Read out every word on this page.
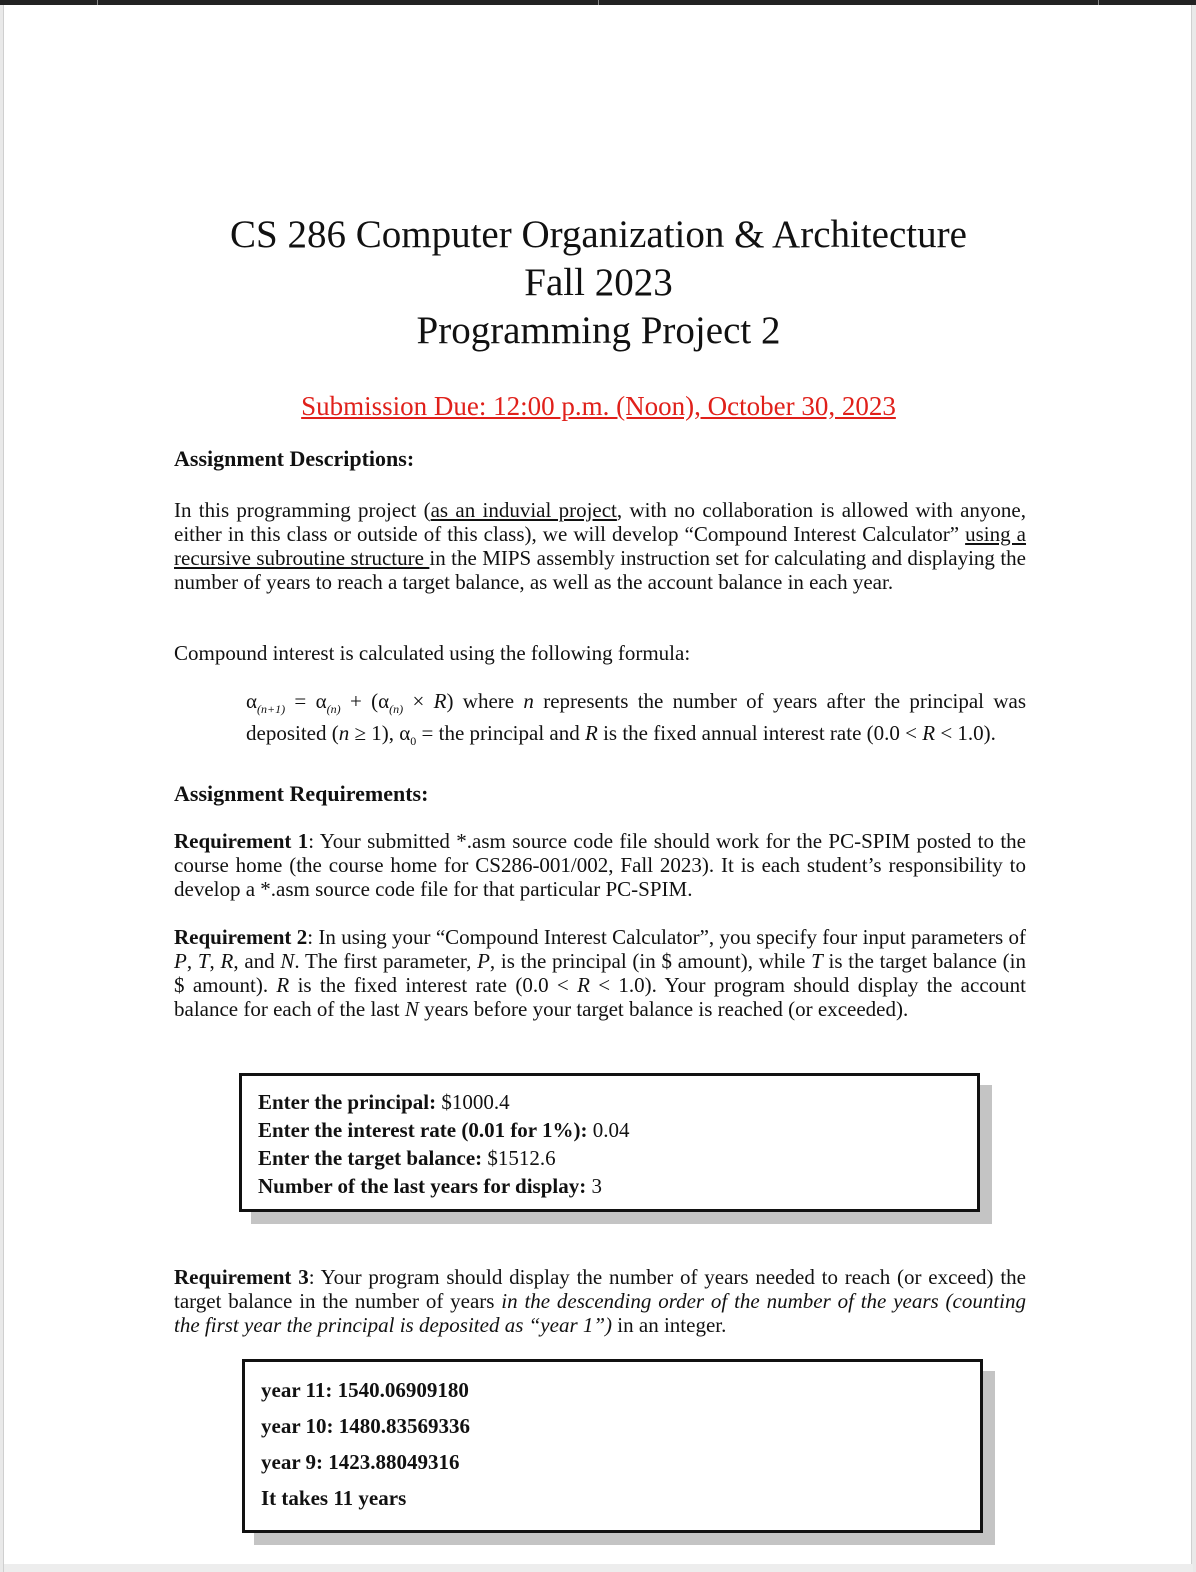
CS 286 Computer Organization & Architecture
Fall 2023
Programming Project 2
Submission Due: 12:00 p.m. (Noon), October 30, 2023
Assignment Descriptions:
In this programming project (as an induvial project, with no collaboration is allowed with anyone, either in this class or outside of this class), we will develop “Compound Interest Calculator” using a recursive subroutine structure in the MIPS assembly instruction set for calculating and displaying the number of years to reach a target balance, as well as the account balance in each year.
Compound interest is calculated using the following formula:
$\alpha_{(n+1)} = \alpha_{(n)} + (\alpha_{(n)} \times R)$ where n represents the number of years after the principal was deposited (n ≥ 1), $\alpha_0$ = the principal and R is the fixed annual interest rate (0.0 < R < 1.0).
Assignment Requirements:
Requirement 1: Your submitted *.asm source code file should work for the PC-SPIM posted to the course home (the course home for CS286-001/002, Fall 2023). It is each student’s responsibility to develop a *.asm source code file for that particular PC-SPIM.
Requirement 2: In using your “Compound Interest Calculator”, you specify four input parameters of P, T, R, and N. The first parameter, P, is the principal (in $ amount), while T is the target balance (in $ amount). R is the fixed interest rate (0.0 < R < 1.0). Your program should display the account balance for each of the last N years before your target balance is reached (or exceeded).
Enter the principal: $1000.4
Enter the interest rate (0.01 for 1%): 0.04
Enter the target balance: $1512.6
Number of the last years for display: 3
Requirement 3: Your program should display the number of years needed to reach (or exceed) the target balance in the number of years in the descending order of the number of the years (counting the first year the principal is deposited as “year 1”) in an integer.
year 11: 1540.06909180
year 10: 1480.83569336
year 9: 1423.88049316
It takes 11 years
